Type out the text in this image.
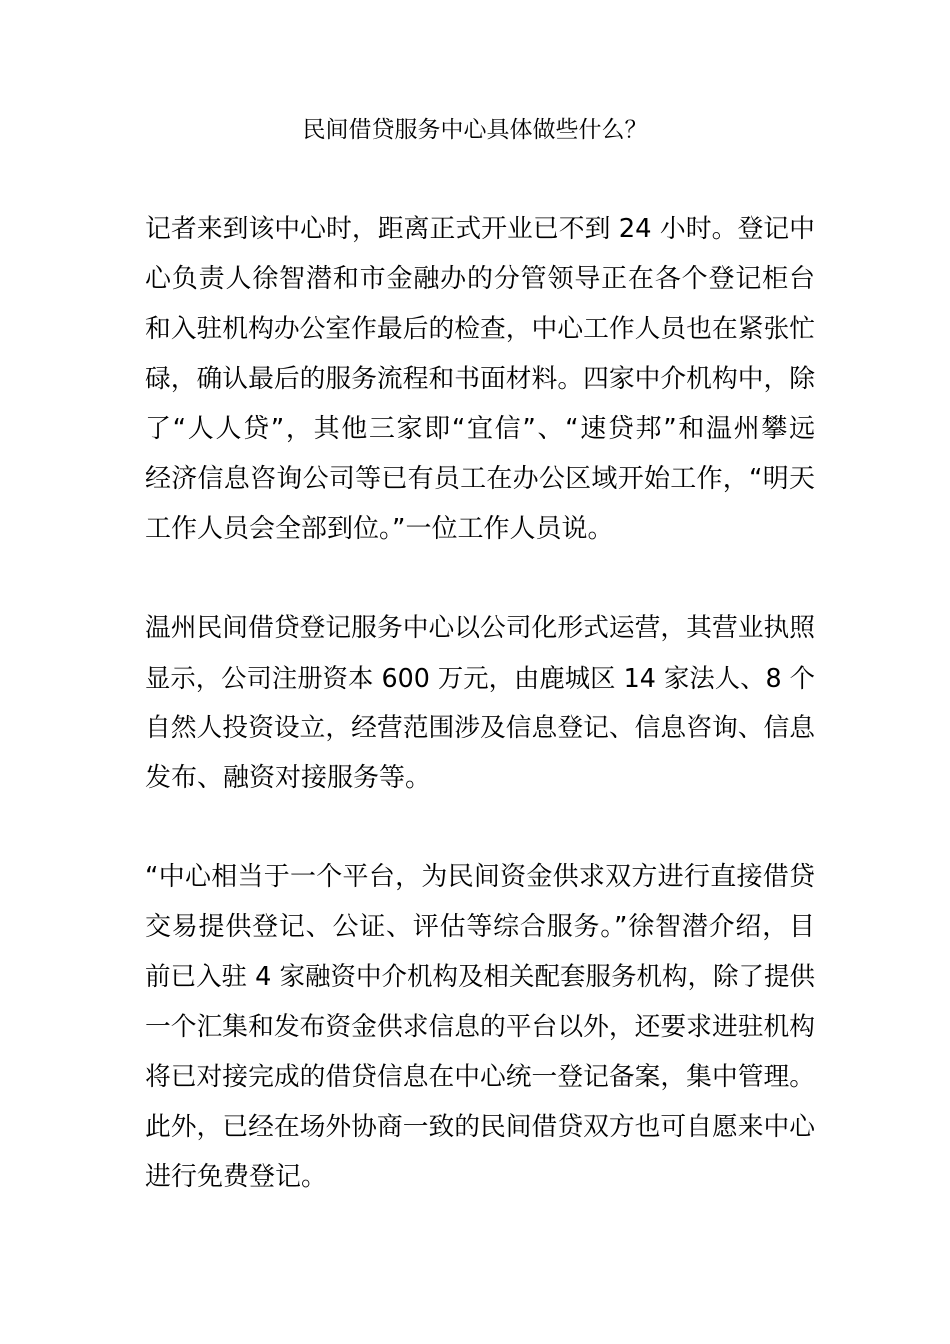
民间借贷服务中心具体做些什么？
记者来到该中心时，距离正式开业已不到 24 小时。登记中
心负责人徐智潜和市金融办的分管领导正在各个登记柜台
和入驻机构办公室作最后的检查，中心工作人员也在紧张忙
碌，确认最后的服务流程和书面材料。四家中介机构中，除
了“人人贷”，其他三家即“宜信”、“速贷邦”和温州攀远
经济信息咨询公司等已有员工在办公区域开始工作，“明天
工作人员会全部到位。”一位工作人员说。
温州民间借贷登记服务中心以公司化形式运营，其营业执照
显示，公司注册资本 600 万元，由鹿城区 14 家法人、8 个
自然人投资设立，经营范围涉及信息登记、信息咨询、信息
发布、融资对接服务等。
“中心相当于一个平台，为民间资金供求双方进行直接借贷
交易提供登记、公证、评估等综合服务。”徐智潜介绍，目
前已入驻 4 家融资中介机构及相关配套服务机构，除了提供
一个汇集和发布资金供求信息的平台以外，还要求进驻机构
将已对接完成的借贷信息在中心统一登记备案，集中管理。
此外，已经在场外协商一致的民间借贷双方也可自愿来中心
进行免费登记。
